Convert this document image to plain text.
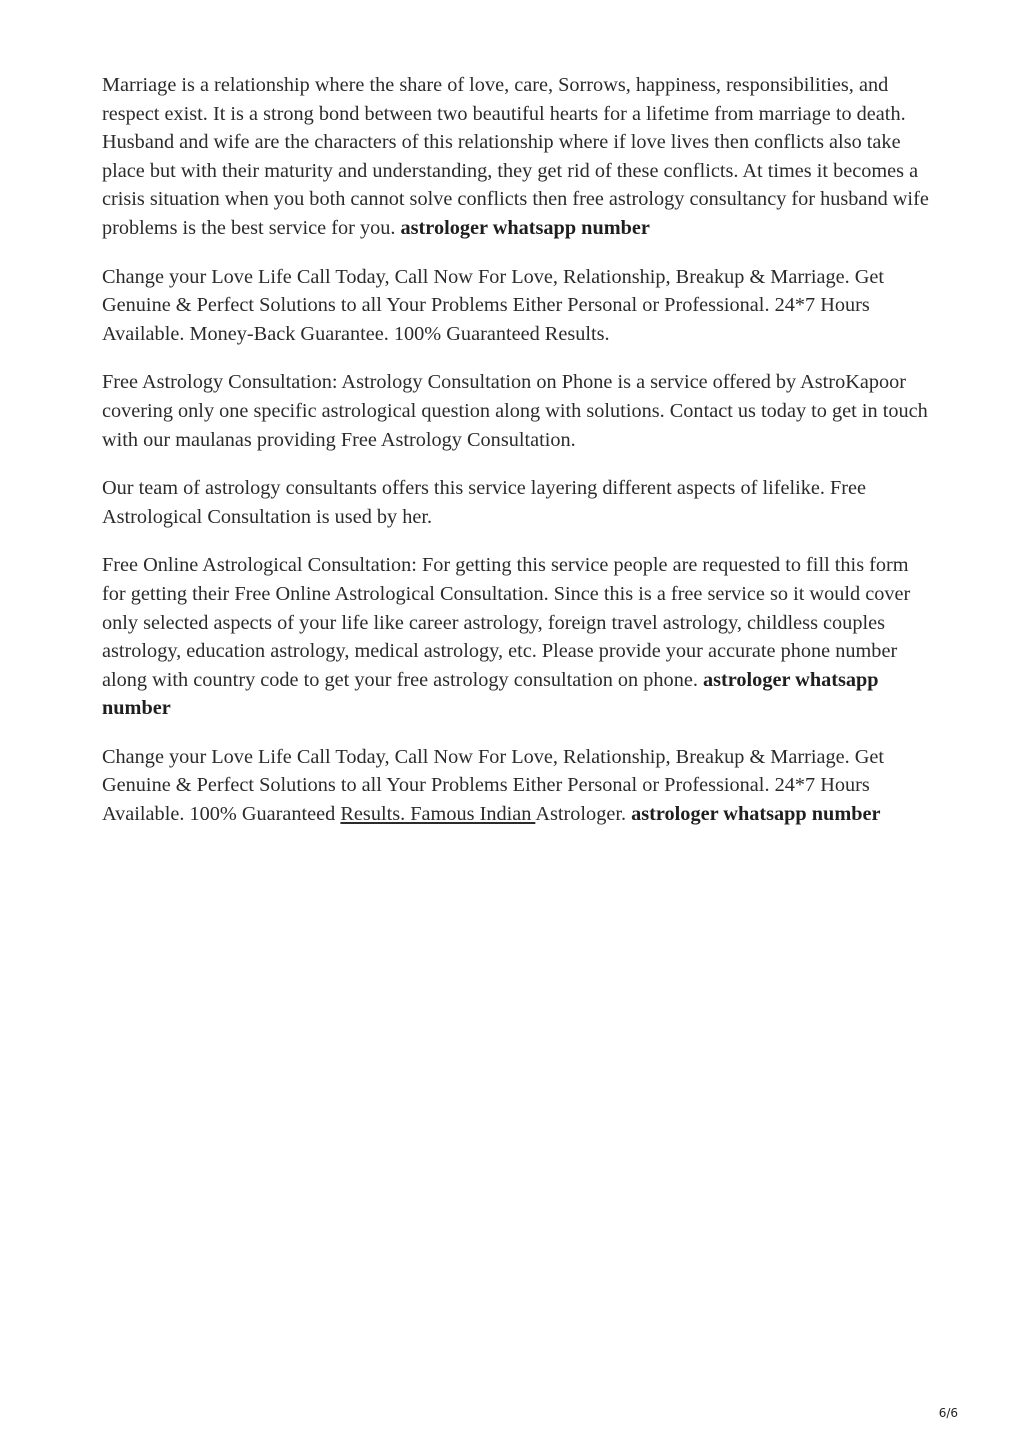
Marriage is a relationship where the share of love, care, Sorrows, happiness, responsibilities, and respect exist. It is a strong bond between two beautiful hearts for a lifetime from marriage to death. Husband and wife are the characters of this relationship where if love lives then conflicts also take place but with their maturity and understanding, they get rid of these conflicts. At times it becomes a crisis situation when you both cannot solve conflicts then free astrology consultancy for husband wife problems is the best service for you. astrologer whatsapp number

Change your Love Life Call Today, Call Now For Love, Relationship, Breakup & Marriage. Get Genuine & Perfect Solutions to all Your Problems Either Personal or Professional. 24*7 Hours Available. Money-Back Guarantee. 100% Guaranteed Results.

Free Astrology Consultation: Astrology Consultation on Phone is a service offered by AstroKapoor covering only one specific astrological question along with solutions. Contact us today to get in touch with our maulanas providing Free Astrology Consultation.

Our team of astrology consultants offers this service layering different aspects of lifelike. Free Astrological Consultation is used by her.

Free Online Astrological Consultation: For getting this service people are requested to fill this form for getting their Free Online Astrological Consultation. Since this is a free service so it would cover only selected aspects of your life like career astrology, foreign travel astrology, childless couples astrology, education astrology, medical astrology, etc. Please provide your accurate phone number along with country code to get your free astrology consultation on phone. astrologer whatsapp number

Change your Love Life Call Today, Call Now For Love, Relationship, Breakup & Marriage. Get Genuine & Perfect Solutions to all Your Problems Either Personal or Professional. 24*7 Hours Available. 100% Guaranteed Results. Famous Indian Astrologer. astrologer whatsapp number

6/6
